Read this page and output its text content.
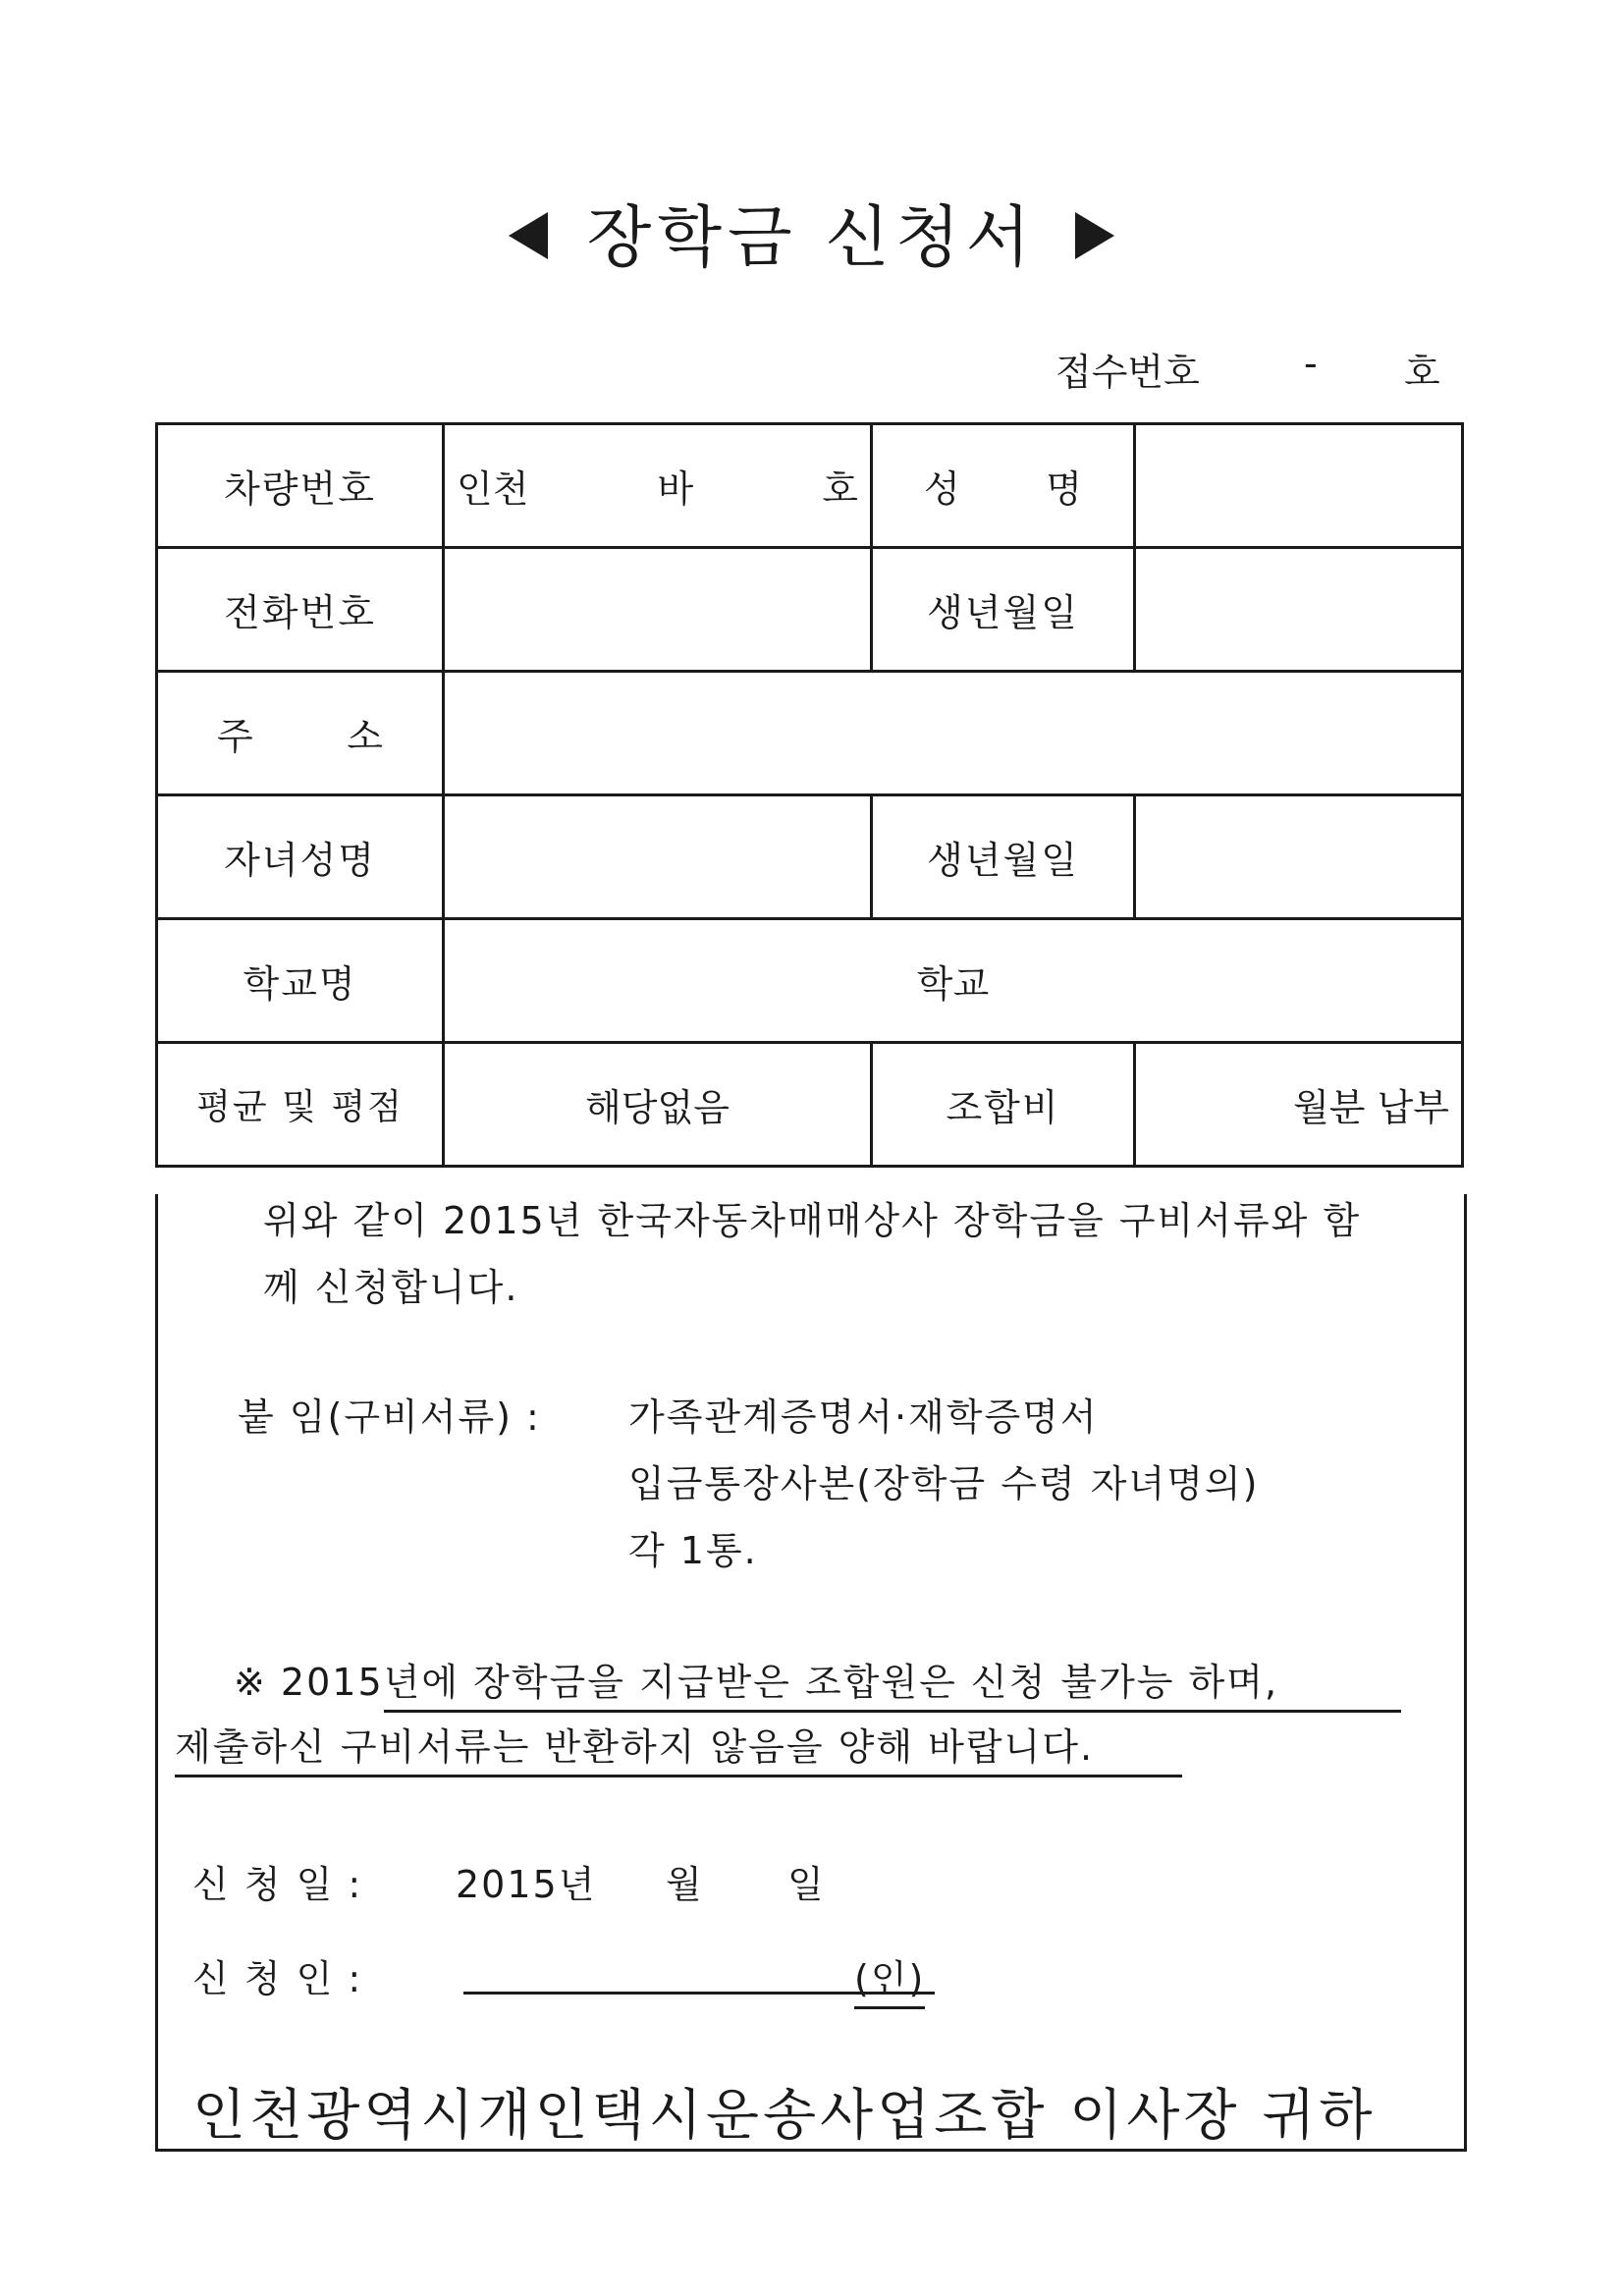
장학금 신청서
접수번호	- 호
차량번호	인천 바 호	성 명	

전화번호		생년월일	

주 소			

자녀성명		생년월일	
학교명	학교		
평균 및 평점	해당없음	조합비	월분 납부
위와 같이 2015년 한국자동차매매상사 장학금을 구비서류와 함
께 신청합니다.
붙 임(구비서류) : 가족관계증명서·재학증명서
입금통장사본(장학금 수령 자녀명의)
각 1통.
※ 2015년에 장학금을 지급받은 조합원은 신청 불가능 하며,
제출하신 구비서류는 반환하지 않음을 양해 바랍니다.
신 청 일 : 2015년 월 일
신 청 인 :	(인)
인천광역시개인택시운송사업조합 이사장 귀하
